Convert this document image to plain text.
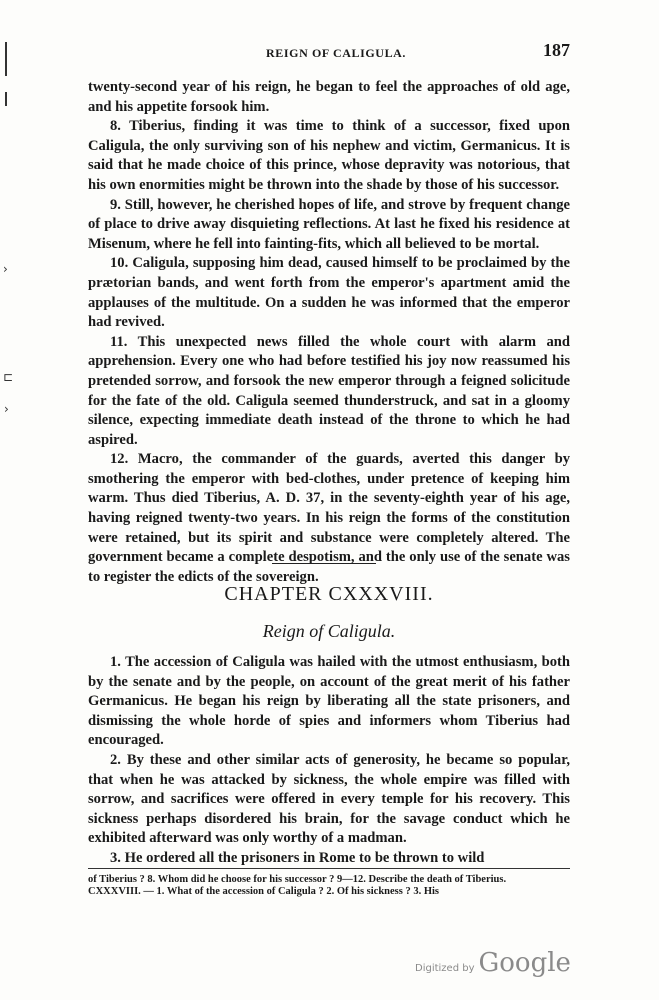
›
⊏
›
REIGN OF CALIGULA.	187

twenty-second year of his reign, he began to feel the approaches of old age, and his appetite forsook him.

8. Tiberius, finding it was time to think of a successor, fixed upon Caligula, the only surviving son of his nephew and victim, Germanicus. It is said that he made choice of this prince, whose depravity was notorious, that his own enormities might be thrown into the shade by those of his successor.

9. Still, however, he cherished hopes of life, and strove by frequent change of place to drive away disquieting reflections. At last he fixed his residence at Misenum, where he fell into fainting-fits, which all believed to be mortal.

10. Caligula, supposing him dead, caused himself to be proclaimed by the prætorian bands, and went forth from the emperor's apartment amid the applauses of the multitude. On a sudden he was informed that the emperor had revived.

11. This unexpected news filled the whole court with alarm and apprehension. Every one who had before testified his joy now reassumed his pretended sorrow, and forsook the new emperor through a feigned solicitude for the fate of the old. Caligula seemed thunderstruck, and sat in a gloomy silence, expecting immediate death instead of the throne to which he had aspired.

12. Macro, the commander of the guards, averted this danger by smothering the emperor with bed-clothes, under pretence of keeping him warm. Thus died Tiberius, A. D. 37, in the seventy-eighth year of his age, having reigned twenty-two years. In his reign the forms of the constitution were retained, but its spirit and substance were completely altered. The government became a complete despotism, and the only use of the senate was to register the edicts of the sovereign.

CHAPTER CXXXVIII.
Reign of Caligula.

1. The accession of Caligula was hailed with the utmost enthusiasm, both by the senate and by the people, on account of the great merit of his father Germanicus. He began his reign by liberating all the state prisoners, and dismissing the whole horde of spies and informers whom Tiberius had encouraged.

2. By these and other similar acts of generosity, he became so popular, that when he was attacked by sickness, the whole empire was filled with sorrow, and sacrifices were offered in every temple for his recovery. This sickness perhaps disordered his brain, for the savage conduct which he exhibited afterward was only worthy of a madman.

3. He ordered all the prisoners in Rome to be thrown to wild

of Tiberius ? 8. Whom did he choose for his successor ? 9—12. Describe the death of Tiberius.
CXXXVIII. — 1. What of the accession of Caligula ? 2. Of his sickness ? 3. His
Digitized by Google
